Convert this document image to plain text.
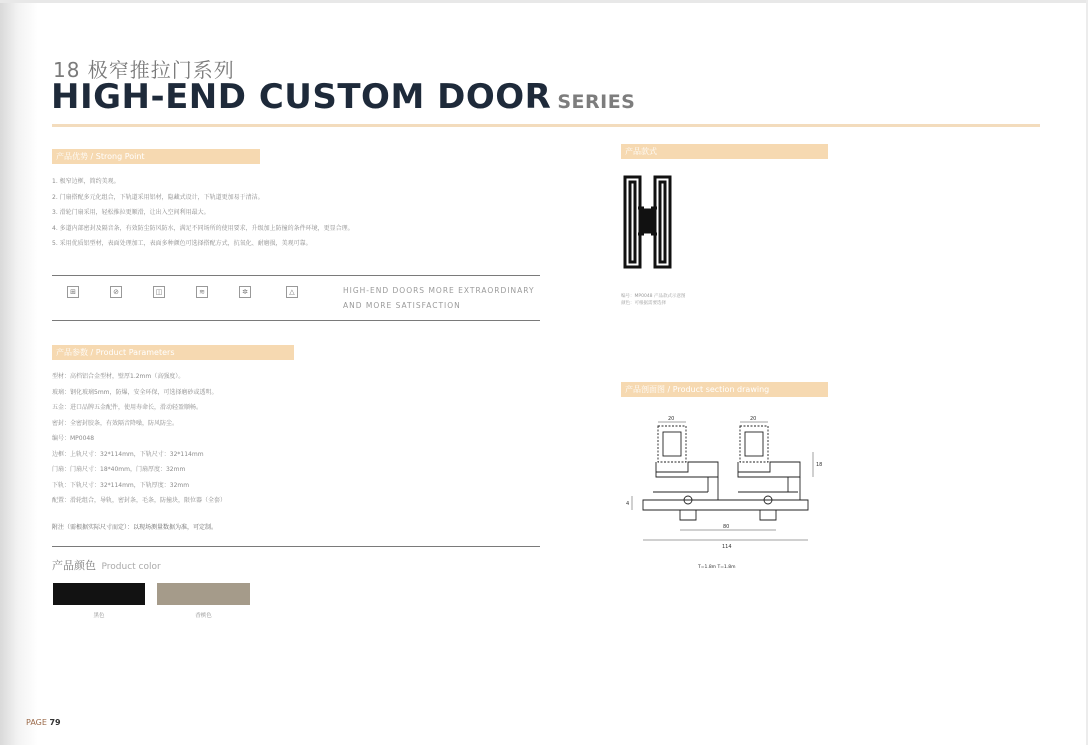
18 极窄推拉门系列
HIGH-END CUSTOM DOOR SERIES
产品优势 / Strong Point
1. 极窄边框，简约美观。
2. 门扇搭配多元化组合，下轨道采用铝材，隐藏式设计，下轨道更加易于清洁。
3. 滑轮门扇采用，轻松推拉更顺滑，让出入空间利用最大。
4. 多道内部密封及隔音条，有效防尘防风防水，满足不同场所的使用要求，升级加上防撞的条件环境，更显合理。
5. 采用优质铝型材，表面处理加工，表面多种颜色可选择搭配方式，抗氧化、耐磨损，美观可靠。
⊞	⊘	◫	≋	✲	△	HIGH-END DOORS MORE EXTRAORDINARY
AND MORE SATISFACTION
产品参数 / Product Parameters
型材：高档铝合金型材，壁厚1.2mm（高强度）。
玻璃：钢化玻璃5mm，防爆，安全环保，可选择磨砂或透明。
五金：进口品牌五金配件，使用寿命长，滑动轻盈顺畅。
密封：全密封胶条，有效隔音降噪，防风防尘。
编号：MP0048
边框：上轨尺寸：32*114mm，下轨尺寸：32*114mm
门扇：门扇尺寸：18*40mm，门扇厚度：32mm
下轨：下轨尺寸：32*114mm，下轨厚度：32mm
配置：滑轮组合，导轨，密封条，毛条，防撞块，限位器（全套）
附注（需根据实际尺寸而定）：以现场测量数据为准，可定制。
产品颜色 Product color
黑色	香槟色
产品款式
编号：MP0048 产品款式示意图
颜色：可根据需要选择
产品剖面图 / Product section drawing
20	20
18
80
114
4
T=1.8m T=1.8m
PAGE 79
